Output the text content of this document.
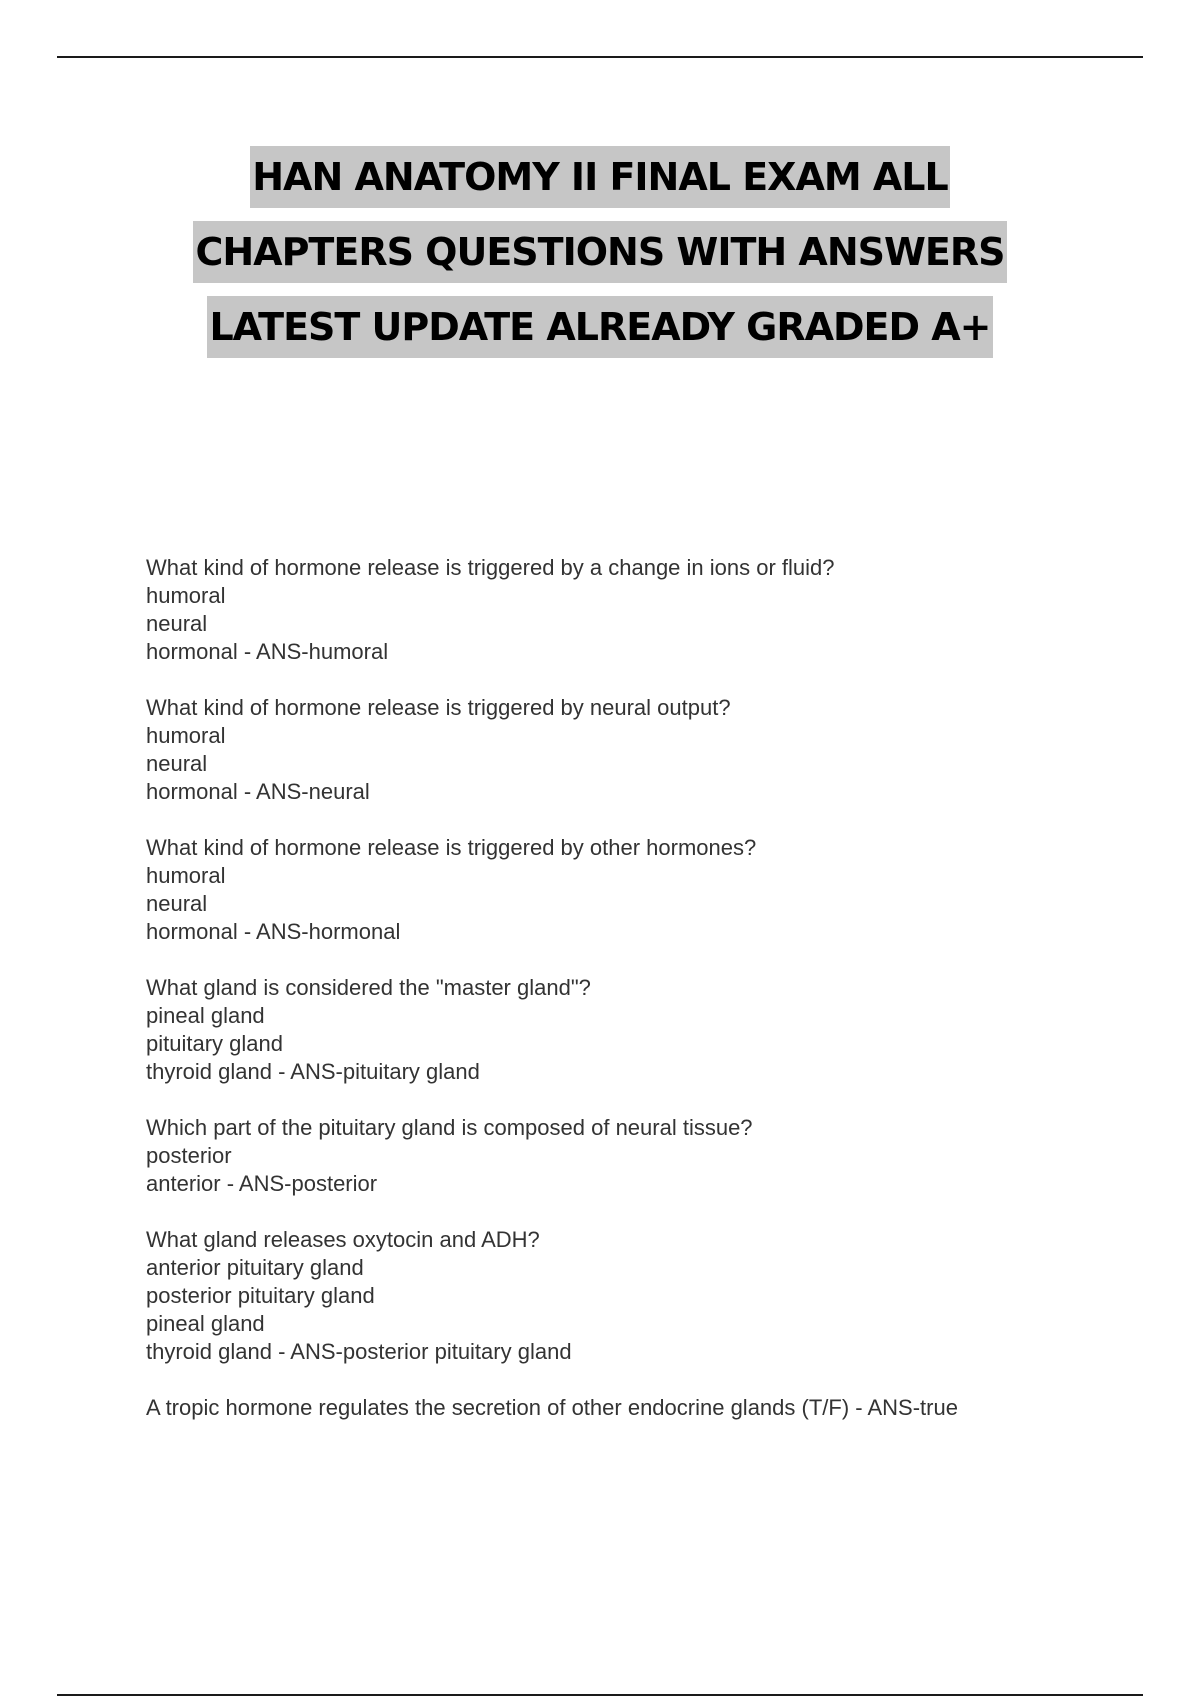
HAN ANATOMY II FINAL EXAM ALL
CHAPTERS QUESTIONS WITH ANSWERS
LATEST UPDATE ALREADY GRADED A+
What kind of hormone release is triggered by a change in ions or fluid?
humoral
neural
hormonal - ANS-humoral
What kind of hormone release is triggered by neural output?
humoral
neural
hormonal - ANS-neural
What kind of hormone release is triggered by other hormones?
humoral
neural
hormonal - ANS-hormonal
What gland is considered the "master gland"?
pineal gland
pituitary gland
thyroid gland - ANS-pituitary gland
Which part of the pituitary gland is composed of neural tissue?
posterior
anterior - ANS-posterior
What gland releases oxytocin and ADH?
anterior pituitary gland
posterior pituitary gland
pineal gland
thyroid gland - ANS-posterior pituitary gland
A tropic hormone regulates the secretion of other endocrine glands (T/F) - ANS-true
